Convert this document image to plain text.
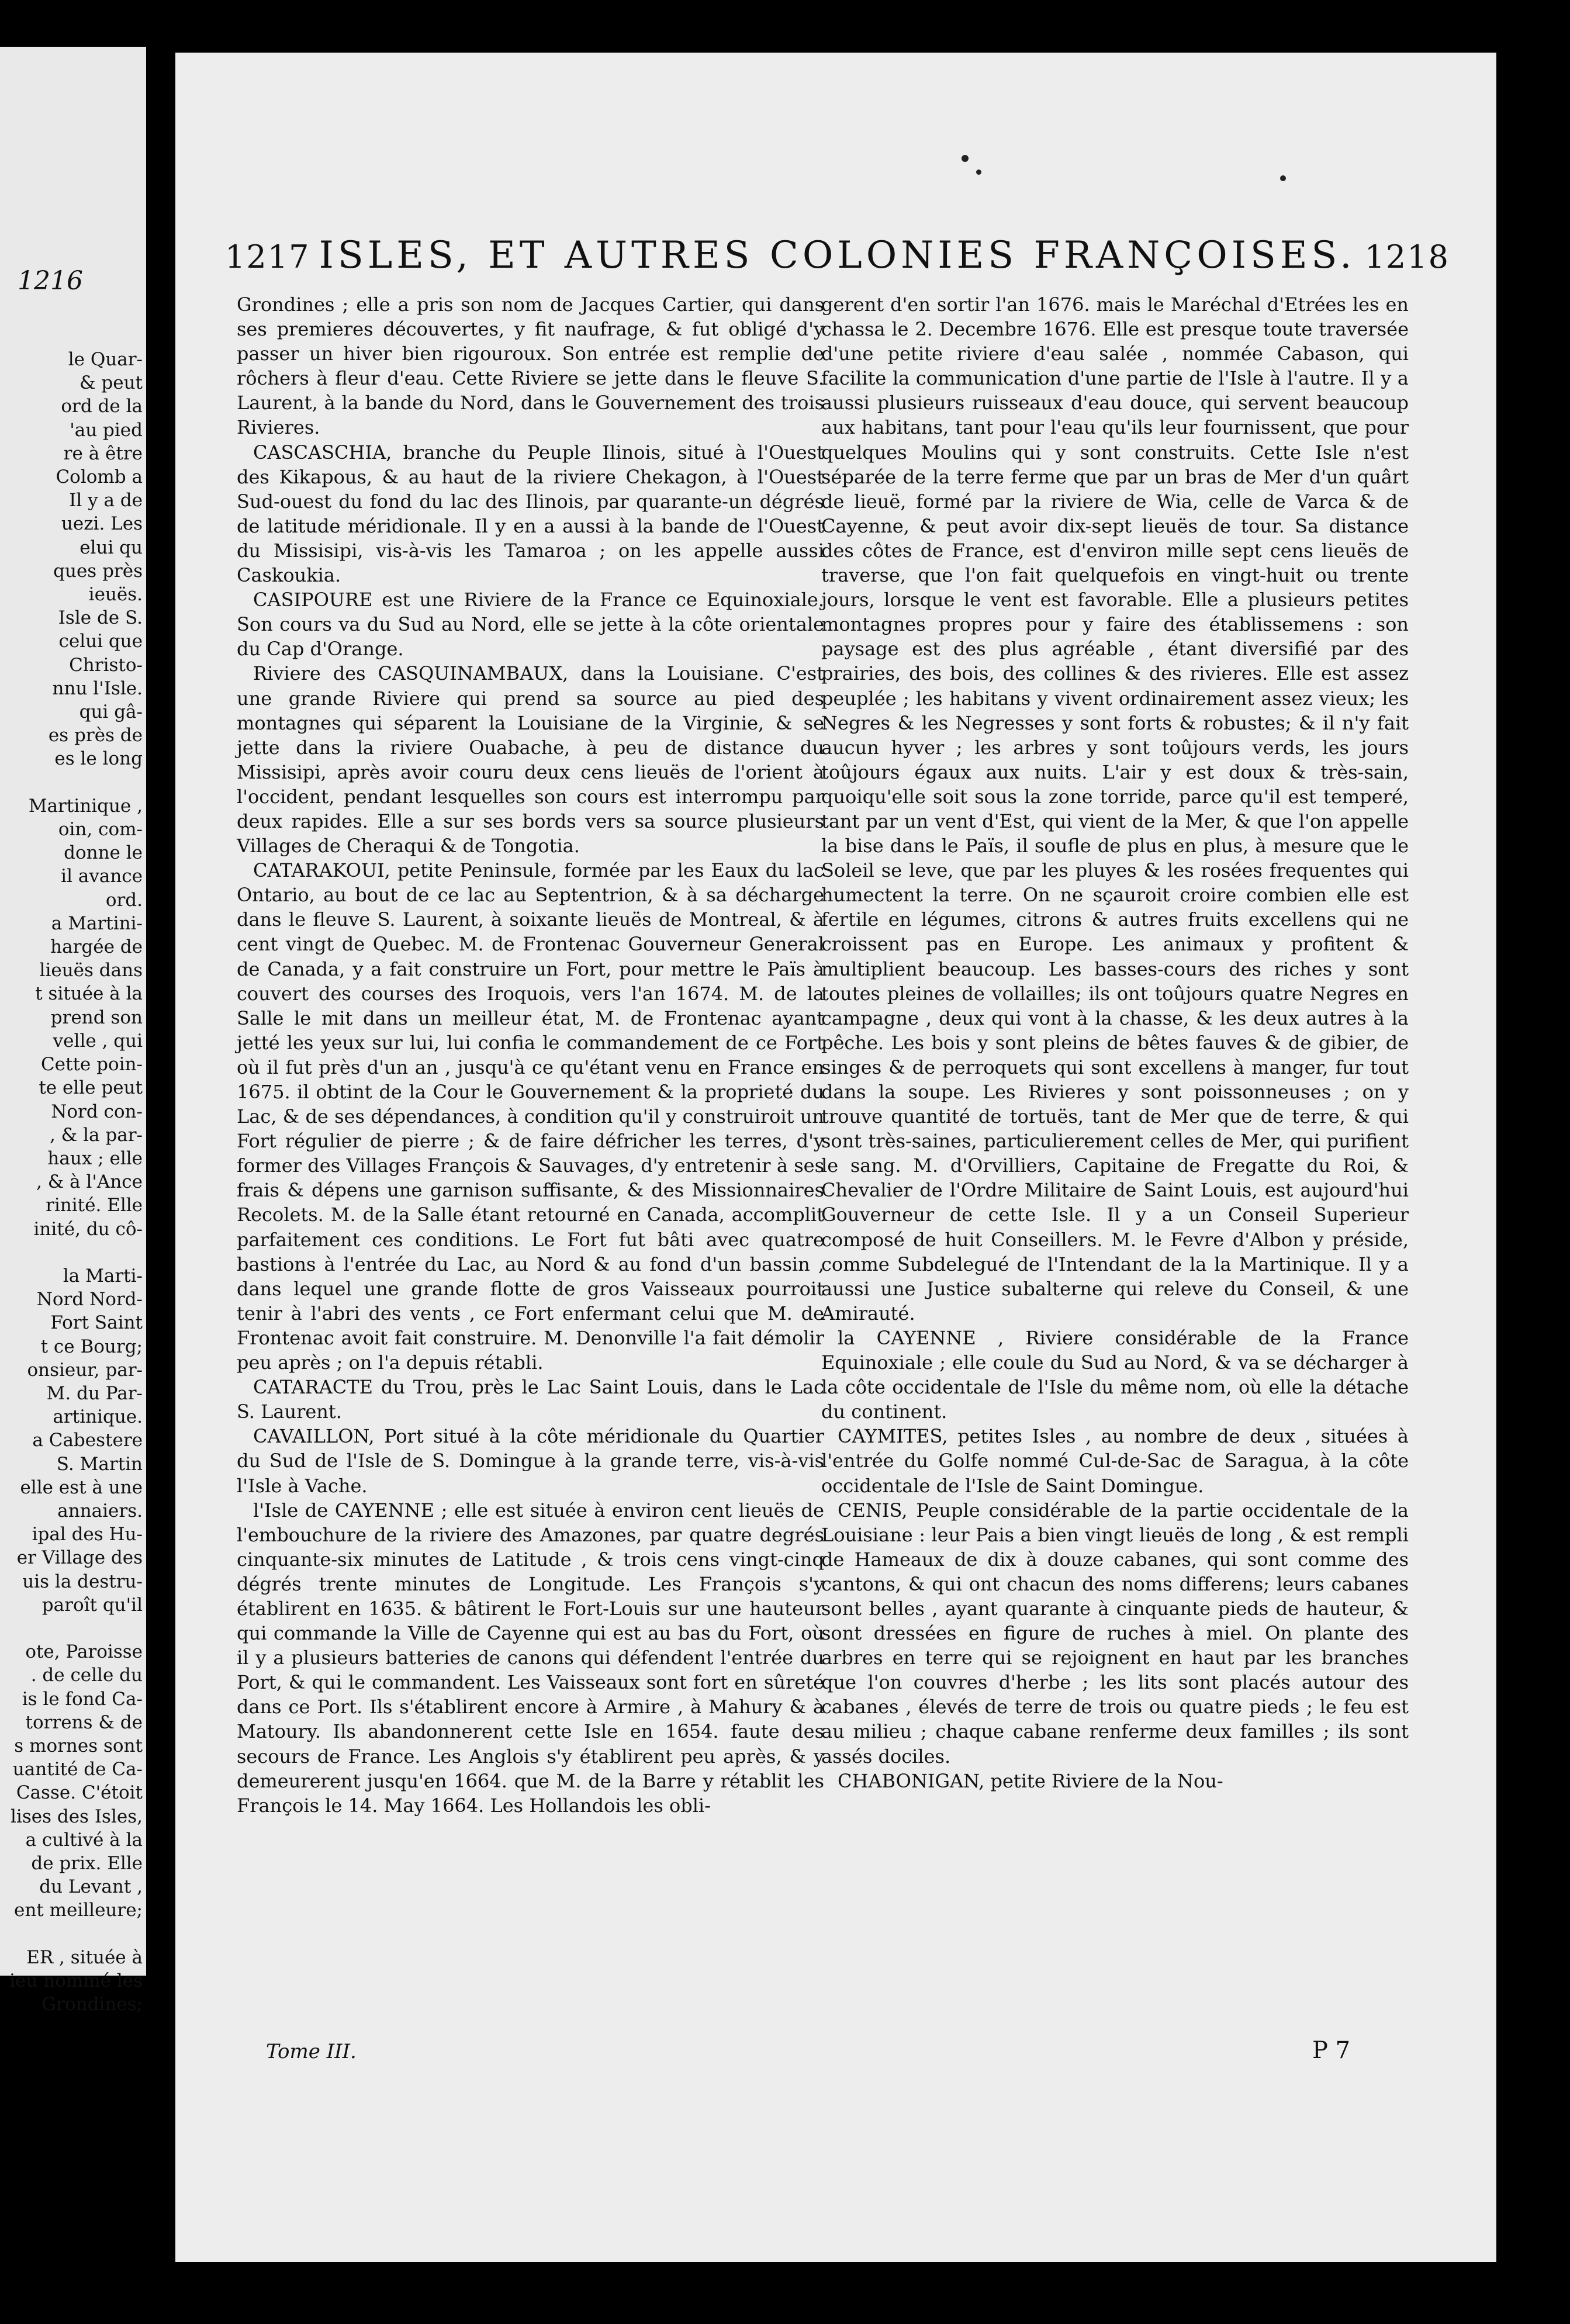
1216
le Quar-
& peut
ord de la
'au pied
re à être
Colomb a
Il y a de
uezi. Les
elui qu
ques près
ieuës.
Isle de S.
celui que
Christo-
nnu l'Isle.
qui gâ-
es près de
es le long

Martinique ,
oin, com-
donne le
il avance
ord.
a Martini-
hargée de
lieuës dans
t située à la
prend son
velle , qui
Cette poin-
te elle peut
Nord con-
, & la par-
haux ; elle
, & à l'Ance
rinité. Elle
inité, du cô-

la Marti-
Nord Nord-
Fort Saint
t ce Bourg;
onsieur, par-
M. du Par-
artinique.
a Cabestere
S. Martin
elle est à une
annaiers.
ipal des Hu-
er Village des
uis la destru-
paroît qu'il

ote, Paroisse
. de celle du
is le fond Ca-
torrens & de
s mornes sont
uantité de Ca-
Casse. C'étoit
lises des Isles,
a cultivé à la
de prix. Elle
du Levant ,
ent meilleure;

ER , située à
ieu nommé les
Grondines;
1217 ISLES, ET AUTRES COLONIES FRANÇOISES. 1218

Grondines ; elle a pris son nom de Jacques Cartier, qui dans ses premieres découvertes, y fit naufrage, & fut obligé d'y passer un hiver bien rigouroux. Son entrée est remplie de rôchers à fleur d'eau. Cette Riviere se jette dans le fleuve S. Laurent, à la bande du Nord, dans le Gouvernement des trois Rivieres.

CASCASCHIA, branche du Peuple Ilinois, situé à l'Ouest des Kikapous, & au haut de la riviere Chekagon, à l'Ouest Sud-ouest du fond du lac des Ilinois, par quarante-un dégrés de latitude méridionale. Il y en a aussi à la bande de l'Ouest du Missisipi, vis-à-vis les Tamaroa ; on les appelle aussi Caskoukia.

CASIPOURE est une Riviere de la France ce Equinoxiale. Son cours va du Sud au Nord, elle se jette à la côte orientale du Cap d'Orange.

Riviere des CASQUINAMBAUX, dans la Louisiane. C'est une grande Riviere qui prend sa source au pied des montagnes qui séparent la Louisiane de la Virginie, & se jette dans la riviere Ouabache, à peu de distance du Missisipi, après avoir couru deux cens lieuës de l'orient à l'occident, pendant lesquelles son cours est interrompu par deux rapides. Elle a sur ses bords vers sa source plusieurs Villages de Cheraqui & de Tongotia.

CATARAKOUI, petite Peninsule, formée par les Eaux du lac Ontario, au bout de ce lac au Septentrion, & à sa décharge dans le fleuve S. Laurent, à soixante lieuës de Montreal, & à cent vingt de Quebec. M. de Frontenac Gouverneur General de Canada, y a fait construire un Fort, pour mettre le Païs à couvert des courses des Iroquois, vers l'an 1674. M. de la Salle le mit dans un meilleur état, M. de Frontenac ayant jetté les yeux sur lui, lui confia le commandement de ce Fort où il fut près d'un an , jusqu'à ce qu'étant venu en France en 1675. il obtint de la Cour le Gouvernement & la proprieté du Lac, & de ses dépendances, à condition qu'il y construiroit un Fort régulier de pierre ; & de faire défricher les terres, d'y former des Villages François & Sauvages, d'y entretenir à ses frais & dépens une garnison suffisante, & des Missionnaires Recolets. M. de la Salle étant retourné en Canada, accomplit parfaitement ces conditions. Le Fort fut bâti avec quatre bastions à l'entrée du Lac, au Nord & au fond d'un bassin , dans lequel une grande flotte de gros Vaisseaux pourroit tenir à l'abri des vents , ce Fort enfermant celui que M. de Frontenac avoit fait construire. M. Denonville l'a fait démolir peu après ; on l'a depuis rétabli.

CATARACTE du Trou, près le Lac Saint Louis, dans le Lac S. Laurent.

CAVAILLON, Port situé à la côte méridionale du Quartier du Sud de l'Isle de S. Domingue à la grande terre, vis-à-vis l'Isle à Vache.

l'Isle de CAYENNE ; elle est située à environ cent lieuës de l'embouchure de la riviere des Amazones, par quatre degrés cinquante-six minutes de Latitude , & trois cens vingt-cinq dégrés trente minutes de Longitude. Les François s'y établirent en 1635. & bâtirent le Fort-Louis sur une hauteur qui commande la Ville de Cayenne qui est au bas du Fort, où il y a plusieurs batteries de canons qui défendent l'entrée du Port, & qui le commandent. Les Vaisseaux sont fort en sûreté dans ce Port. Ils s'établirent encore à Armire , à Mahury & à Matoury. Ils abandonnerent cette Isle en 1654. faute des secours de France. Les Anglois s'y établirent peu après, & y demeurerent jusqu'en 1664. que M. de la Barre y rétablit les François le 14. May 1664. Les Hollandois les obli-

gerent d'en sortir l'an 1676. mais le Maréchal d'Etrées les en chassa le 2. Decembre 1676. Elle est presque toute traversée d'une petite riviere d'eau salée , nommée Cabason, qui facilite la communication d'une partie de l'Isle à l'autre. Il y a aussi plusieurs ruisseaux d'eau douce, qui servent beaucoup aux habitans, tant pour l'eau qu'ils leur fournissent, que pour quelques Moulins qui y sont construits. Cette Isle n'est séparée de la terre ferme que par un bras de Mer d'un quârt de lieuë, formé par la riviere de Wia, celle de Varca & de Cayenne, & peut avoir dix-sept lieuës de tour. Sa distance des côtes de France, est d'environ mille sept cens lieuës de traverse, que l'on fait quelquefois en vingt-huit ou trente jours, lorsque le vent est favorable. Elle a plusieurs petites montagnes propres pour y faire des établissemens : son paysage est des plus agréable , étant diversifié par des prairies, des bois, des collines & des rivieres. Elle est assez peuplée ; les habitans y vivent ordinairement assez vieux; les Negres & les Negresses y sont forts & robustes; & il n'y fait aucun hyver ; les arbres y sont toûjours verds, les jours toûjours égaux aux nuits. L'air y est doux & très-sain, quoiqu'elle soit sous la zone torride, parce qu'il est temperé, tant par un vent d'Est, qui vient de la Mer, & que l'on appelle la bise dans le Païs, il soufle de plus en plus, à mesure que le Soleil se leve, que par les pluyes & les rosées frequentes qui humectent la terre. On ne sçauroit croire combien elle est fertile en légumes, citrons & autres fruits excellens qui ne croissent pas en Europe. Les animaux y profitent & multiplient beaucoup. Les basses-cours des riches y sont toutes pleines de vollailles; ils ont toûjours quatre Negres en campagne , deux qui vont à la chasse, & les deux autres à la pêche. Les bois y sont pleins de bêtes fauves & de gibier, de singes & de perroquets qui sont excellens à manger, fur tout dans la soupe. Les Rivieres y sont poissonneuses ; on y trouve quantité de tortuës, tant de Mer que de terre, & qui sont très-saines, particulierement celles de Mer, qui purifient le sang. M. d'Orvilliers, Capitaine de Fregatte du Roi, & Chevalier de l'Ordre Militaire de Saint Louis, est aujourd'hui Gouverneur de cette Isle. Il y a un Conseil Superieur composé de huit Conseillers. M. le Fevre d'Albon y préside, comme Subdelegué de l'Intendant de la la Martinique. Il y a aussi une Justice subalterne qui releve du Conseil, & une Amirauté.

la CAYENNE , Riviere considérable de la France Equinoxiale ; elle coule du Sud au Nord, & va se décharger à la côte occidentale de l'Isle du même nom, où elle la détache du continent.

CAYMITES, petites Isles , au nombre de deux , situées à l'entrée du Golfe nommé Cul-de-Sac de Saragua, à la côte occidentale de l'Isle de Saint Domingue.

CENIS, Peuple considérable de la partie occidentale de la Louisiane : leur Pais a bien vingt lieuës de long , & est rempli de Hameaux de dix à douze cabanes, qui sont comme des cantons, & qui ont chacun des noms differens; leurs cabanes sont belles , ayant quarante à cinquante pieds de hauteur, & sont dressées en figure de ruches à miel. On plante des arbres en terre qui se rejoignent en haut par les branches que l'on couvres d'herbe ; les lits sont placés autour des cabanes , élevés de terre de trois ou quatre pieds ; le feu est au milieu ; chaque cabane renferme deux familles ; ils sont assés dociles.

CHABONIGAN, petite Riviere de la Nou-

Tome III.	P 7
